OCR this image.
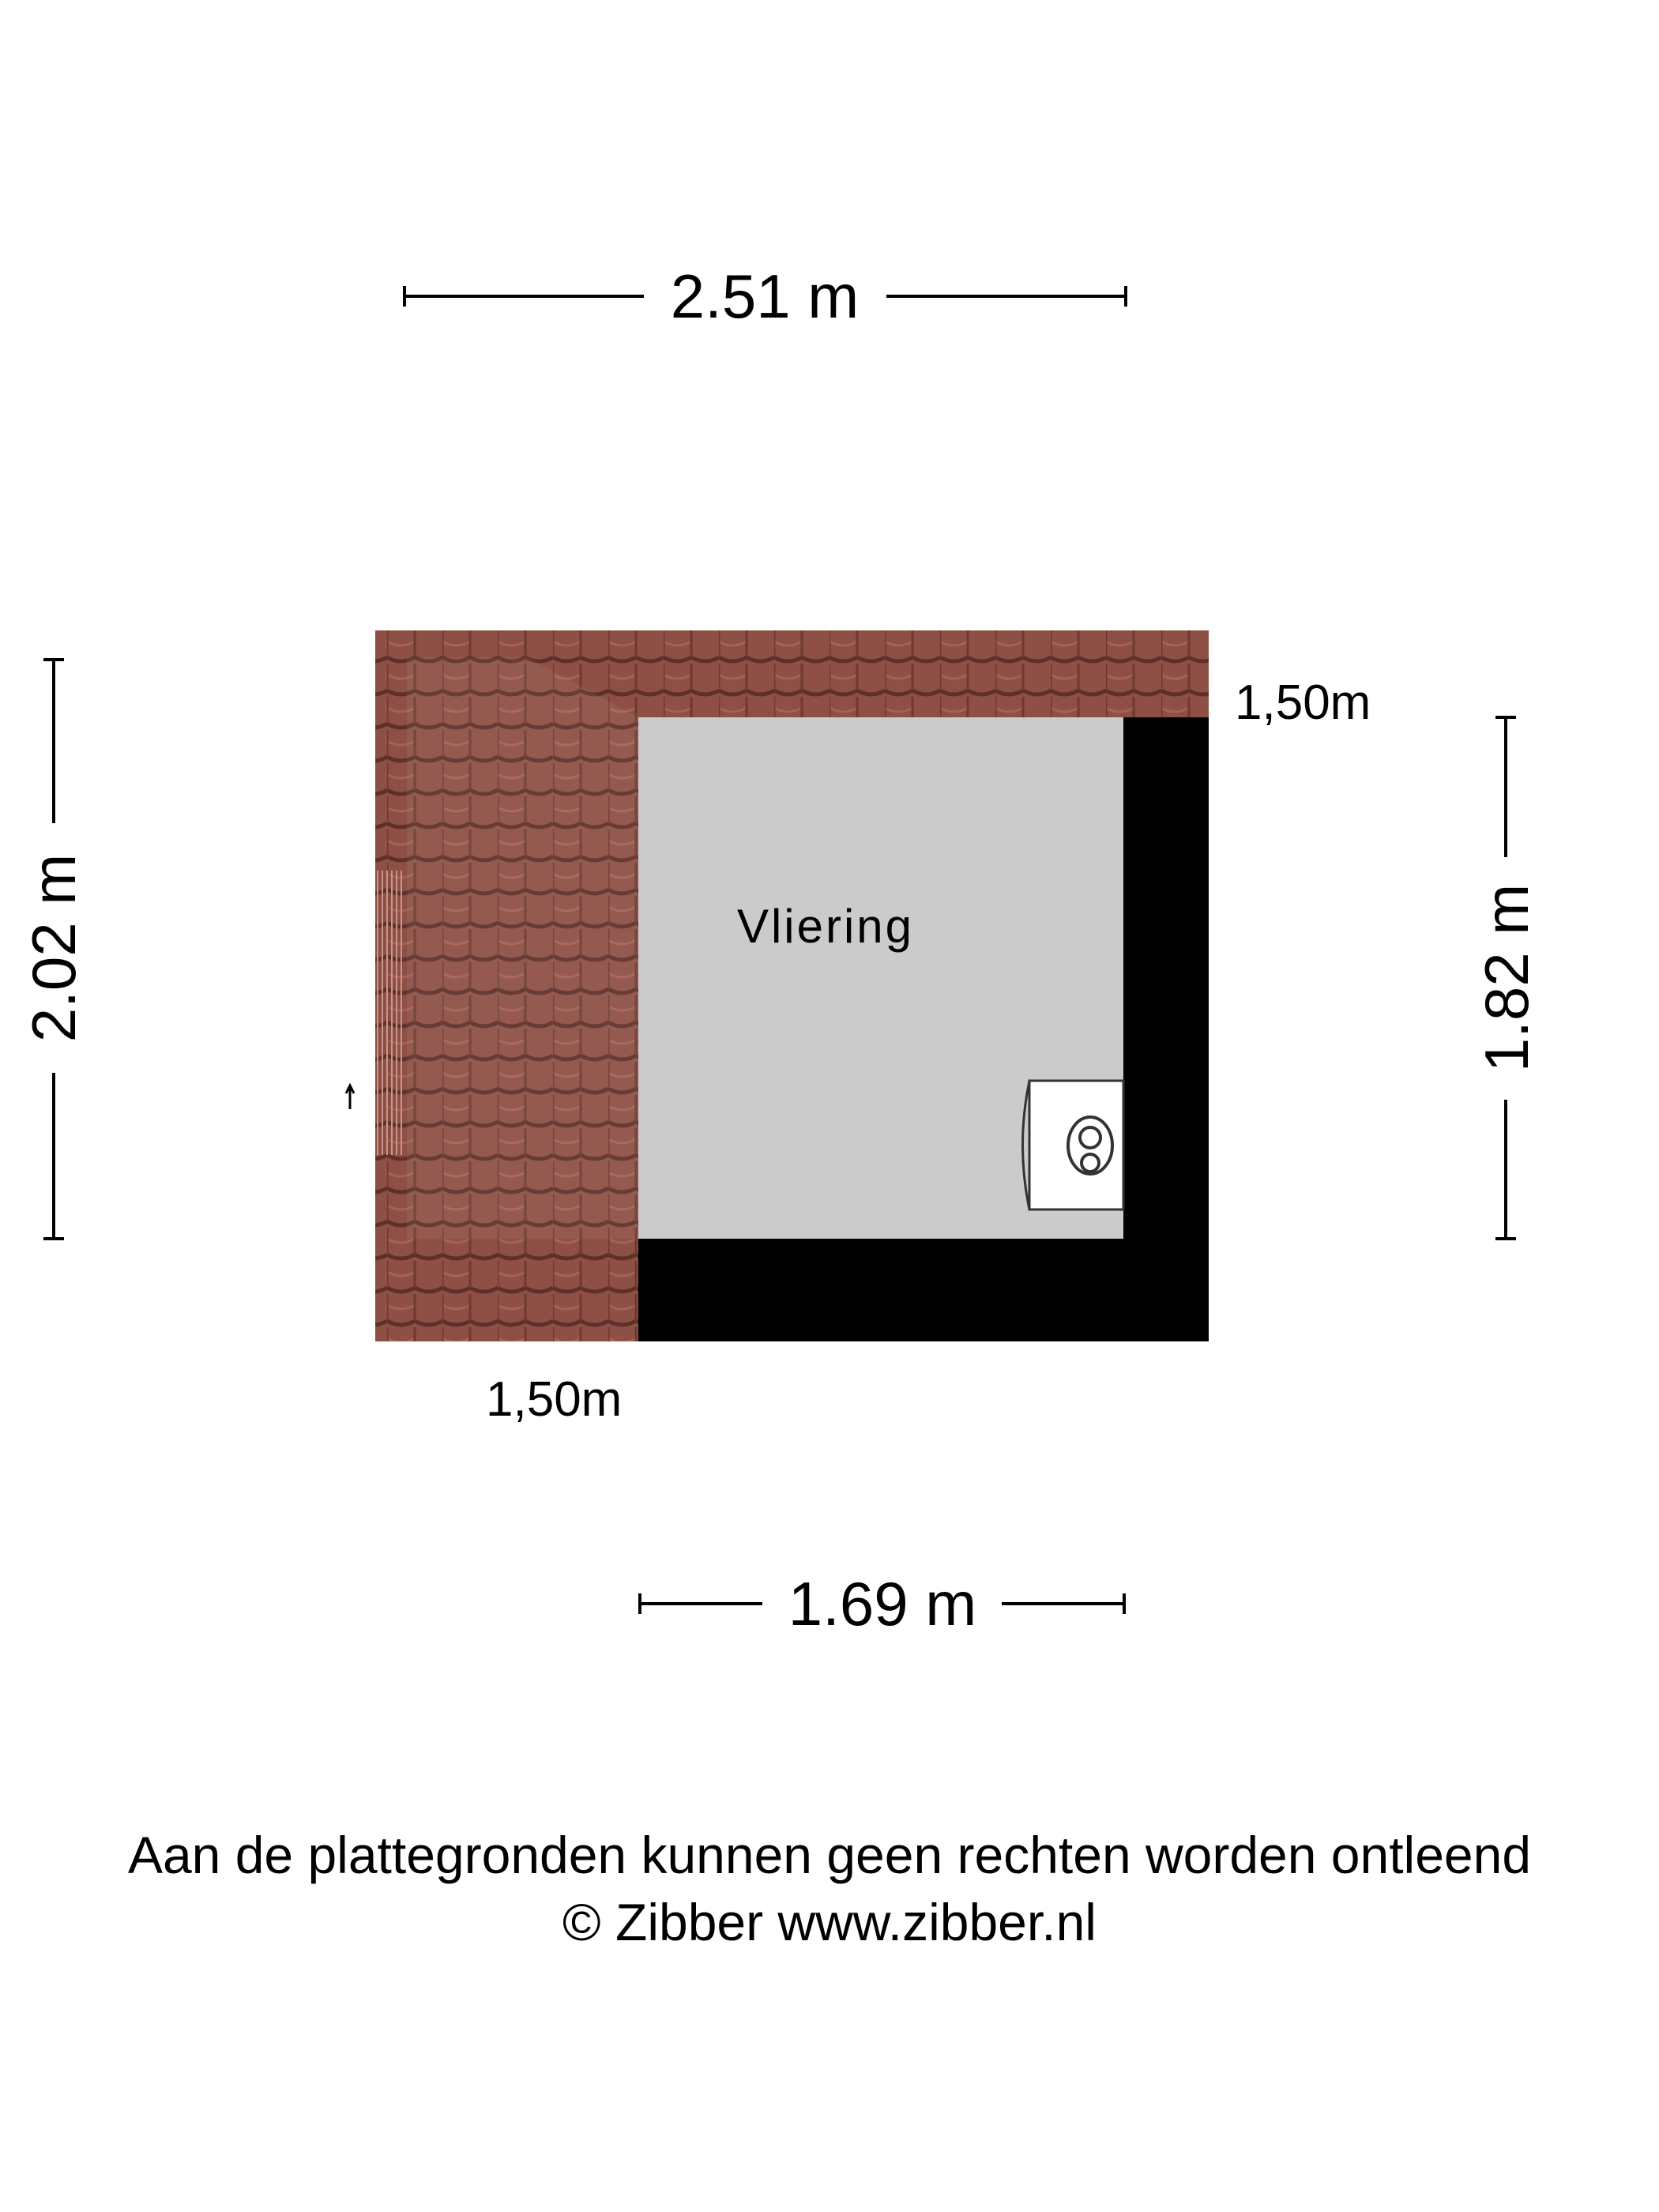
2.51 m
2.02 m	1.82 m
1.69 m
Vliering
1,50m
1,50m
Aan de plattegronden kunnen geen rechten worden ontleend
© Zibber www.zibber.nl
